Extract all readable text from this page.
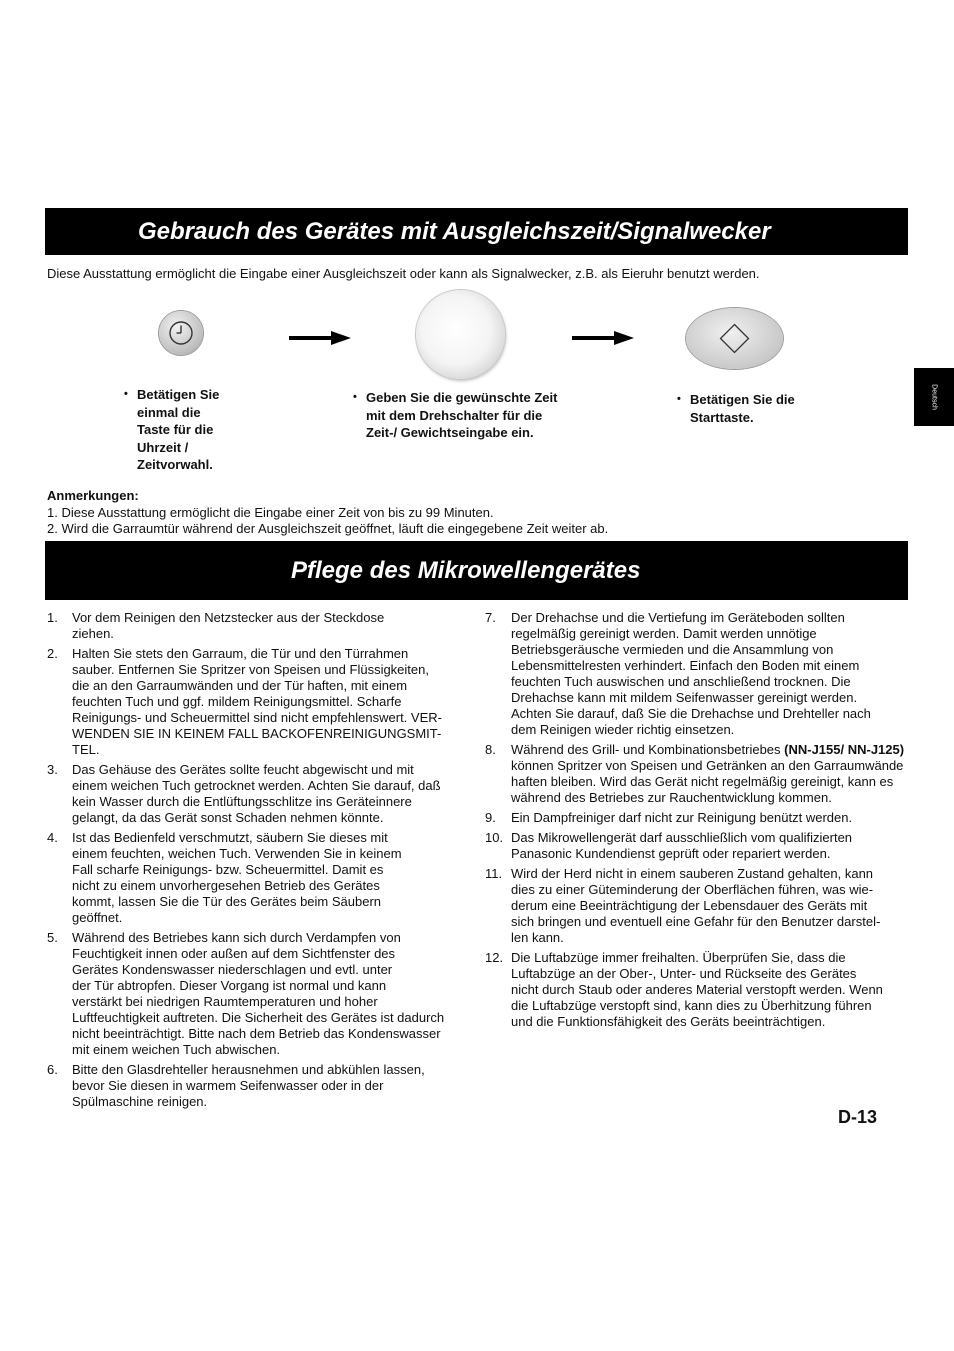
Gebrauch des Gerätes mit Ausgleichszeit/Signalwecker
Diese Ausstattung ermöglicht die Eingabe einer Ausgleichszeit oder kann als Signalwecker, z.B. als Eieruhr benutzt werden.
Deutsch
• Betätigen Sie
einmal die
Taste für die
Uhrzeit /
Zeitvorwahl.
• Geben Sie die gewünschte Zeit
mit dem Drehschalter für die
Zeit-/ Gewichtseingabe ein.
• Betätigen Sie die
Starttaste.
Anmerkungen:
1. Diese Ausstattung ermöglicht die Eingabe einer Zeit von bis zu 99 Minuten.
2. Wird die Garraumtür während der Ausgleichszeit geöffnet, läuft die eingegebene Zeit weiter ab.
Pflege des Mikrowellengerätes
1.	Vor dem Reinigen den Netzstecker aus der Steckdose
ziehen.

2.	Halten Sie stets den Garraum, die Tür und den Türrahmen
sauber. Entfernen Sie Spritzer von Speisen und Flüssigkeiten,
die an den Garraumwänden und der Tür haften, mit einem
feuchten Tuch und ggf. mildem Reinigungsmittel. Scharfe
Reinigungs- und Scheuermittel sind nicht empfehlenswert. VER-
WENDEN SIE IN KEINEM FALL BACKOFENREINIGUNGSMIT-
TEL.

3.	Das Gehäuse des Gerätes sollte feucht abgewischt und mit
einem weichen Tuch getrocknet werden. Achten Sie darauf, daß
kein Wasser durch die Entlüftungsschlitze ins Geräteinnere
gelangt, da das Gerät sonst Schaden nehmen könnte.

4.	Ist das Bedienfeld verschmutzt, säubern Sie dieses mit
einem feuchten, weichen Tuch. Verwenden Sie in keinem
Fall scharfe Reinigungs- bzw. Scheuermittel. Damit es
nicht zu einem unvorhergesehen Betrieb des Gerätes
kommt, lassen Sie die Tür des Gerätes beim Säubern
geöffnet.

5.	Während des Betriebes kann sich durch Verdampfen von
Feuchtigkeit innen oder außen auf dem Sichtfenster des
Gerätes Kondenswasser niederschlagen und evtl. unter
der Tür abtropfen. Dieser Vorgang ist normal und kann
verstärkt bei niedrigen Raumtemperaturen und hoher
Luftfeuchtigkeit auftreten. Die Sicherheit des Gerätes ist dadurch
nicht beeinträchtigt. Bitte nach dem Betrieb das Kondenswasser
mit einem weichen Tuch abwischen.

6.	Bitte den Glasdrehteller herausnehmen und abkühlen lassen,
bevor Sie diesen in warmem Seifenwasser oder in der
Spülmaschine reinigen.

7.	Der Drehachse und die Vertiefung im Geräteboden sollten
regelmäßig gereinigt werden. Damit werden unnötige
Betriebsgeräusche vermieden und die Ansammlung von
Lebensmittelresten verhindert. Einfach den Boden mit einem
feuchten Tuch auswischen und anschließend trocknen. Die
Drehachse kann mit mildem Seifenwasser gereinigt werden.
Achten Sie darauf, daß Sie die Drehachse und Drehteller nach
dem Reinigen wieder richtig einsetzen.

8.	Während des Grill- und Kombinationsbetriebes (NN-J155/ NN-J125) können Spritzer von Speisen und Getränken an den Garraumwände haften bleiben. Wird das Gerät nicht regelmäßig gereinigt, kann es während des Betriebes zur Rauchentwicklung kommen.

9.	Ein Dampfreiniger darf nicht zur Reinigung benützt werden.

10. Das Mikrowellengerät darf ausschließlich vom qualifizierten
Panasonic Kundendienst geprüft oder repariert werden.

11. Wird der Herd nicht in einem sauberen Zustand gehalten, kann
dies zu einer Güteminderung der Oberflächen führen, was wie-
derum eine Beeinträchtigung der Lebensdauer des Geräts mit
sich bringen und eventuell eine Gefahr für den Benutzer darstel-
len kann.

12. Die Luftabzüge immer freihalten. Überprüfen Sie, dass die
Luftabzüge an der Ober-, Unter- und Rückseite des Gerätes
nicht durch Staub oder anderes Material verstopft werden. Wenn
die Luftabzüge verstopft sind, kann dies zu Überhitzung führen
und die Funktionsfähigkeit des Geräts beeinträchtigen.

D-13
